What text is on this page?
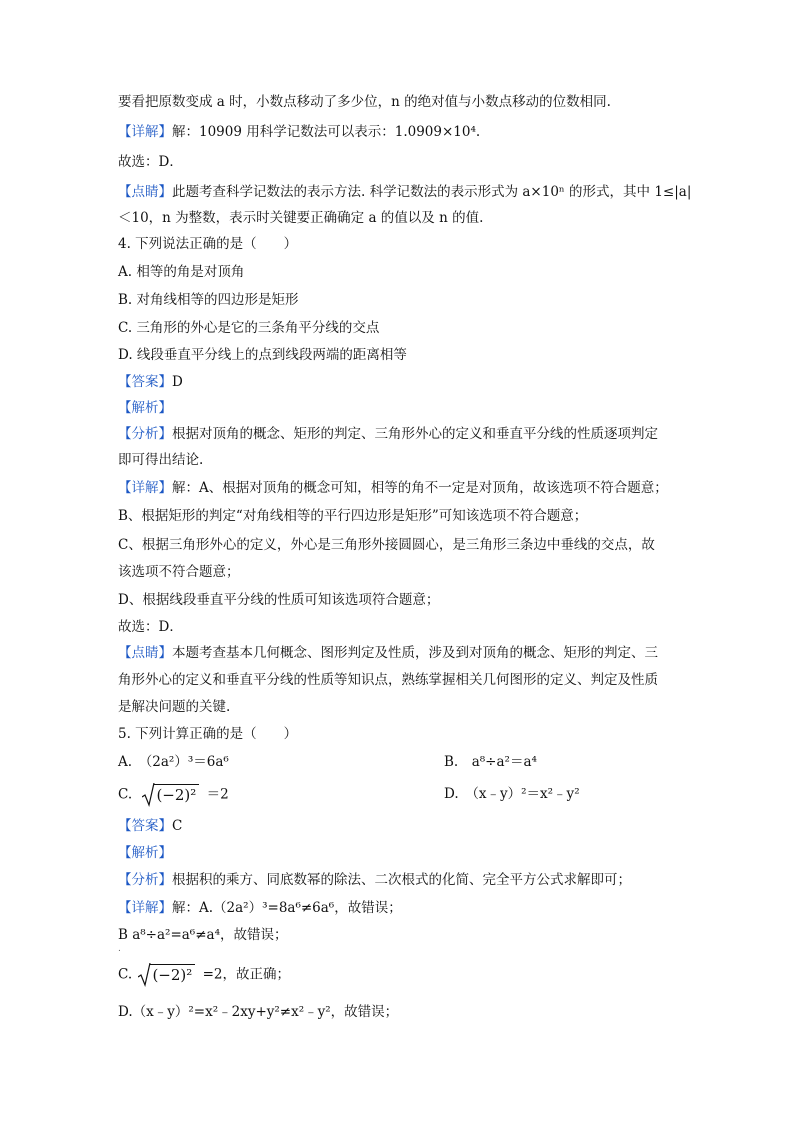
要看把原数变成 a 时，小数点移动了多少位，n 的绝对值与小数点移动的位数相同.
【详解】解：10909 用科学记数法可以表示：1.0909×10⁴.
故选：D．
【点睛】此题考查科学记数法的表示方法. 科学记数法的表示形式为 a×10ⁿ 的形式，其中 1≤|a|
＜10，n 为整数，表示时关键要正确确定 a 的值以及 n 的值.
4. 下列说法正确的是（　　）
A. 相等的角是对顶角
B. 对角线相等的四边形是矩形
C. 三角形的外心是它的三条角平分线的交点
D. 线段垂直平分线上的点到线段两端的距离相等
【答案】D
【解析】
【分析】根据对顶角的概念、矩形的判定、三角形外心的定义和垂直平分线的性质逐项判定
即可得出结论.
【详解】解：A、根据对顶角的概念可知，相等的角不一定是对顶角，故该选项不符合题意；
B、根据矩形的判定“对角线相等的平行四边形是矩形”可知该选项不符合题意；
C、根据三角形外心的定义，外心是三角形外接圆圆心，是三角形三条边中垂线的交点，故
该选项不符合题意；
D、根据线段垂直平分线的性质可知该选项符合题意；
故选：D．
【点睛】本题考查基本几何概念、图形判定及性质，涉及到对顶角的概念、矩形的判定、三
角形外心的定义和垂直平分线的性质等知识点，熟练掌握相关几何图形的定义、判定及性质
是解决问题的关键.
5. 下列计算正确的是（　　）
A.　（2a²）³＝6a⁶	B.　a⁸÷a²＝a⁴
C. (−2)² ＝2	D.　（x﹣y）²＝x²﹣y²
【答案】C
【解析】
【分析】根据积的乘方、同底数幂的除法、二次根式的化简、完全平方公式求解即可；
【详解】解：A.（2a²）³=8a⁶≠6a⁶，故错误；
B a⁸÷a²=a⁶≠a⁴，故错误；
.
C. (−2)² =2，故正确；
D.（x﹣y）²=x²﹣2xy+y²≠x²﹣y²，故错误；
